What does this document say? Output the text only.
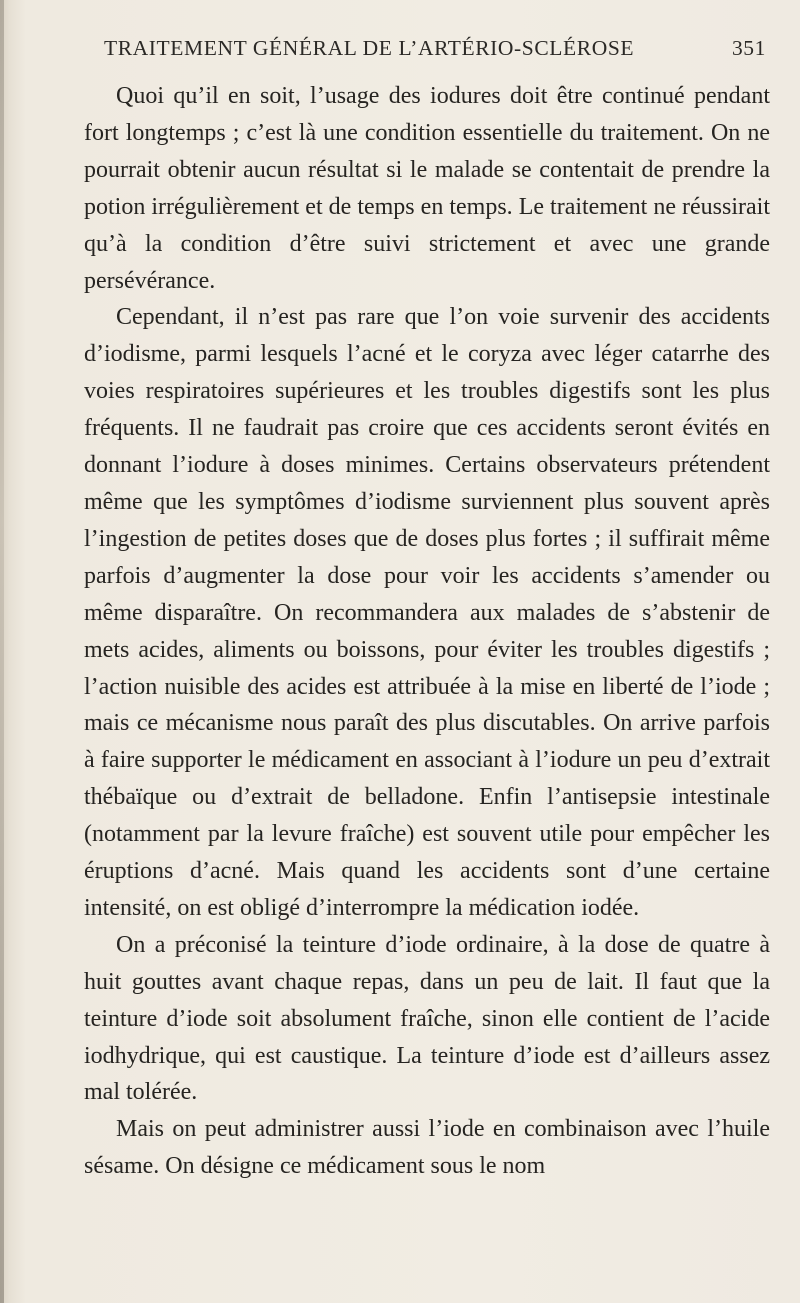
TRAITEMENT GÉNÉRAL DE L’ARTÉRIO-SCLÉROSE	351

Quoi qu’il en soit, l’usage des iodures doit être continué pendant fort longtemps ; c’est là une condition essentielle du traitement. On ne pourrait obtenir aucun résultat si le malade se contentait de prendre la potion irrégulièrement et de temps en temps. Le traitement ne réussirait qu’à la condition d’être suivi strictement et avec une grande persévérance.

Cependant, il n’est pas rare que l’on voie survenir des accidents d’iodisme, parmi lesquels l’acné et le coryza avec léger catarrhe des voies respiratoires supérieures et les troubles digestifs sont les plus fréquents. Il ne faudrait pas croire que ces accidents seront évités en donnant l’iodure à doses minimes. Certains observateurs prétendent même que les symptômes d’iodisme surviennent plus souvent après l’ingestion de petites doses que de doses plus fortes ; il suffirait même parfois d’augmenter la dose pour voir les accidents s’amender ou même disparaître. On recommandera aux malades de s’abstenir de mets acides, aliments ou boissons, pour éviter les troubles digestifs ; l’action nuisible des acides est attribuée à la mise en liberté de l’iode ; mais ce mécanisme nous paraît des plus discutables. On arrive parfois à faire supporter le médicament en associant à l’iodure un peu d’extrait thébaïque ou d’extrait de belladone. Enfin l’antisepsie intestinale (notamment par la levure fraîche) est souvent utile pour empêcher les éruptions d’acné. Mais quand les accidents sont d’une certaine intensité, on est obligé d’interrompre la médication iodée.

On a préconisé la teinture d’iode ordinaire, à la dose de quatre à huit gouttes avant chaque repas, dans un peu de lait. Il faut que la teinture d’iode soit absolument fraîche, sinon elle contient de l’acide iodhydrique, qui est caustique. La teinture d’iode est d’ailleurs assez mal tolérée.

Mais on peut administrer aussi l’iode en combinaison avec l’huile sésame. On désigne ce médicament sous le nom
